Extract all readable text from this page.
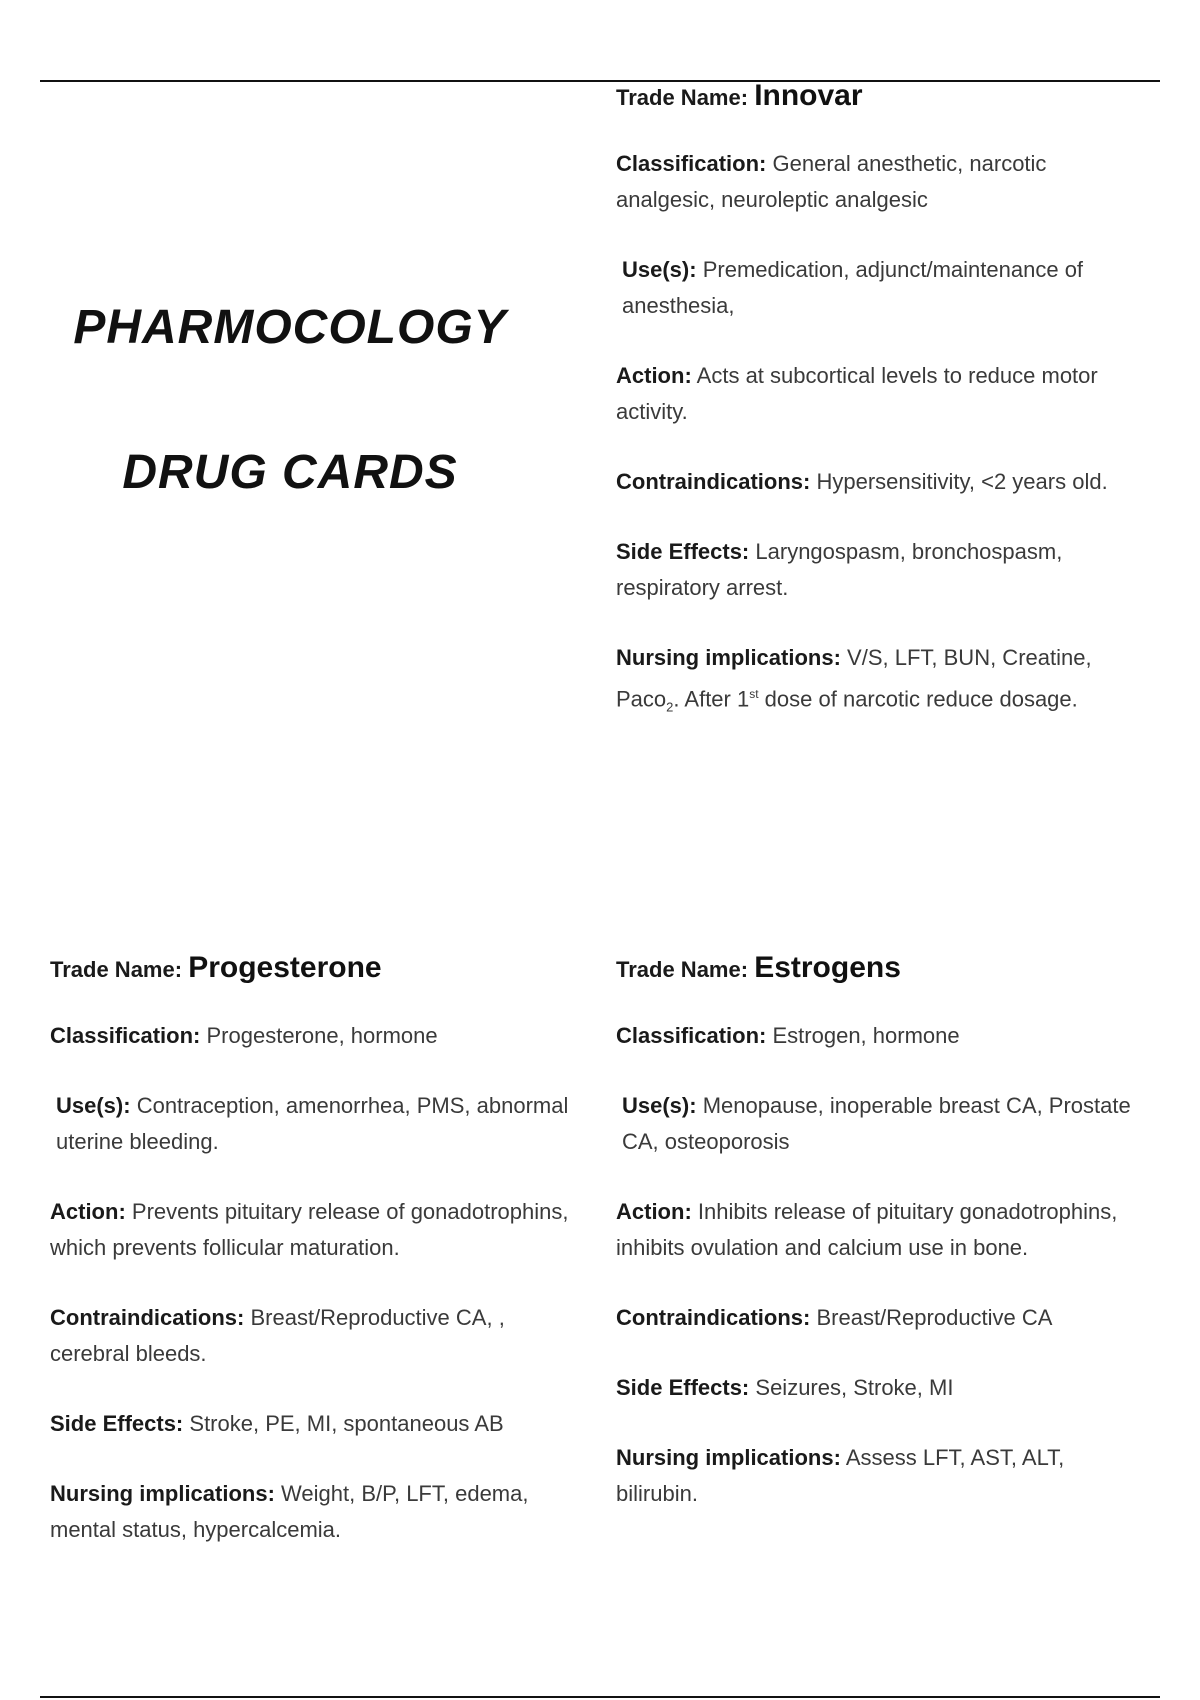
PHARMOCOLOGY
DRUG CARDS
Trade Name: Innovar
Classification: General anesthetic, narcotic analgesic, neuroleptic analgesic
Use(s): Premedication, adjunct/maintenance of anesthesia,
Action: Acts at subcortical levels to reduce motor activity.
Contraindications: Hypersensitivity, <2 years old.
Side Effects: Laryngospasm, bronchospasm, respiratory arrest.
Nursing implications: V/S, LFT, BUN, Creatine, Paco$_2$. After 1st dose of narcotic reduce dosage.
Trade Name: Progesterone
Classification: Progesterone, hormone
Use(s): Contraception, amenorrhea, PMS, abnormal uterine bleeding.
Action: Prevents pituitary release of gonadotrophins, which prevents follicular maturation.
Contraindications: Breast/Reproductive CA, , cerebral bleeds.
Side Effects: Stroke, PE, MI, spontaneous AB
Nursing implications: Weight, B/P, LFT, edema, mental status, hypercalcemia.
Trade Name: Estrogens
Classification: Estrogen, hormone
Use(s): Menopause, inoperable breast CA, Prostate CA, osteoporosis
Action: Inhibits release of pituitary gonadotrophins, inhibits ovulation and calcium use in bone.
Contraindications: Breast/Reproductive CA
Side Effects: Seizures, Stroke, MI
Nursing implications: Assess LFT, AST, ALT, bilirubin.
